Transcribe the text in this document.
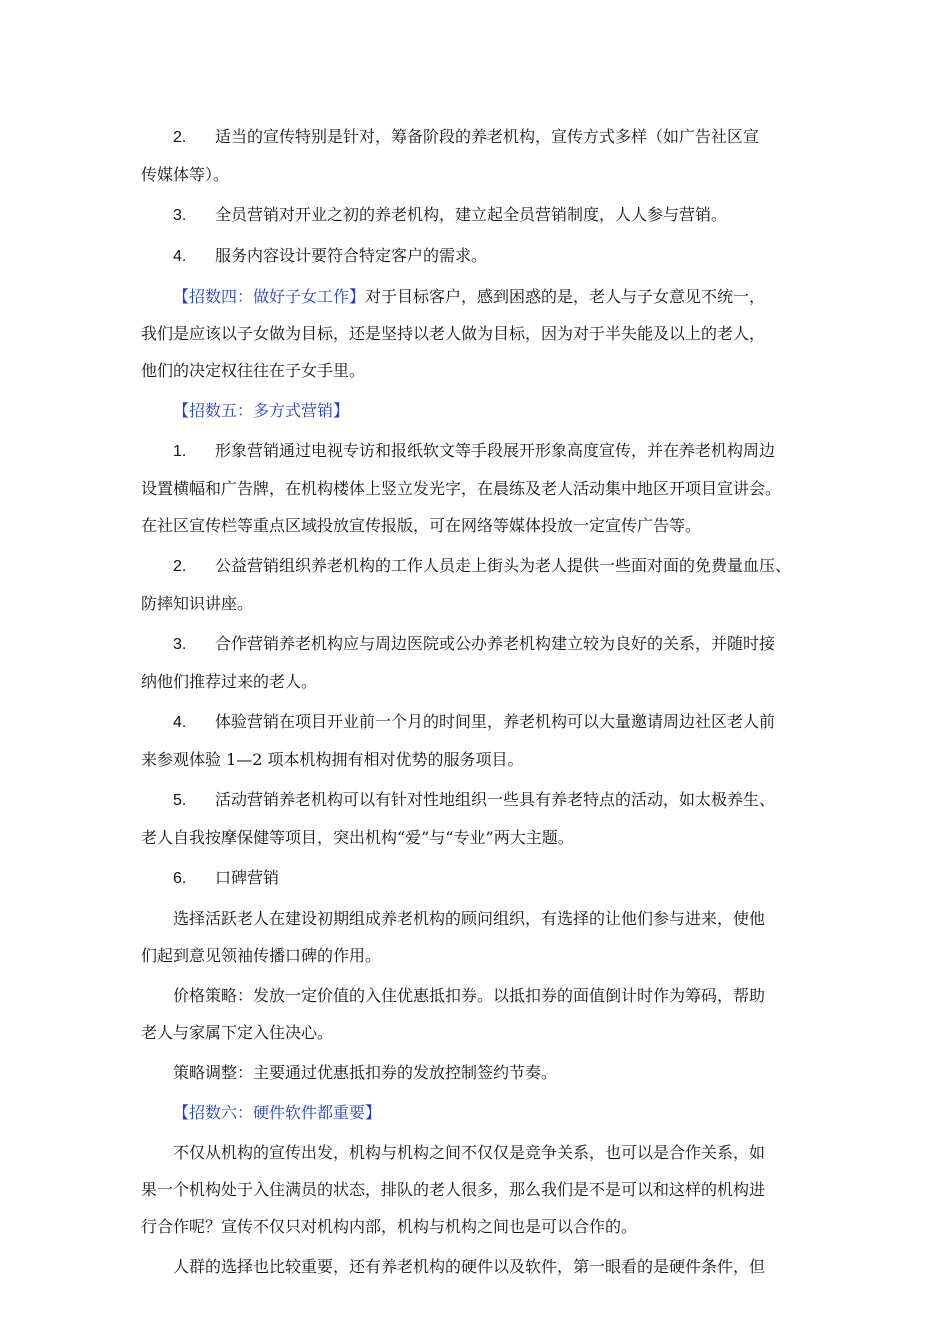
2. 适当的宣传特别是针对，筹备阶段的养老机构，宣传方式多样（如广告社区宣
传媒体等）。
3. 全员营销对开业之初的养老机构，建立起全员营销制度，人人参与营销。
4. 服务内容设计要符合特定客户的需求。
【招数四：做好子女工作】对于目标客户，感到困惑的是，老人与子女意见不统一，
我们是应该以子女做为目标，还是坚持以老人做为目标，因为对于半失能及以上的老人，
他们的决定权往往在子女手里。
【招数五：多方式营销】
1. 形象营销通过电视专访和报纸软文等手段展开形象高度宣传，并在养老机构周边
设置横幅和广告牌，在机构楼体上竖立发光字，在晨练及老人活动集中地区开项目宣讲会。
在社区宣传栏等重点区域投放宣传报版，可在网络等媒体投放一定宣传广告等。
2. 公益营销组织养老机构的工作人员走上街头为老人提供一些面对面的免费量血压、
防摔知识讲座。
3. 合作营销养老机构应与周边医院或公办养老机构建立较为良好的关系，并随时接
纳他们推荐过来的老人。
4. 体验营销在项目开业前一个月的时间里，养老机构可以大量邀请周边社区老人前
来参观体验 1—2 项本机构拥有相对优势的服务项目。
5. 活动营销养老机构可以有针对性地组织一些具有养老特点的活动，如太极养生、
老人自我按摩保健等项目，突出机构“爱”与“专业”两大主题。
6. 口碑营销
选择活跃老人在建设初期组成养老机构的顾问组织，有选择的让他们参与进来，使他
们起到意见领袖传播口碑的作用。
价格策略：发放一定价值的入住优惠抵扣券。以抵扣券的面值倒计时作为筹码，帮助
老人与家属下定入住决心。
策略调整：主要通过优惠抵扣券的发放控制签约节奏。
【招数六：硬件软件都重要】
不仅从机构的宣传出发，机构与机构之间不仅仅是竞争关系，也可以是合作关系，如
果一个机构处于入住满员的状态，排队的老人很多，那么我们是不是可以和这样的机构进
行合作呢？宣传不仅只对机构内部，机构与机构之间也是可以合作的。
人群的选择也比较重要，还有养老机构的硬件以及软件，第一眼看的是硬件条件，但
